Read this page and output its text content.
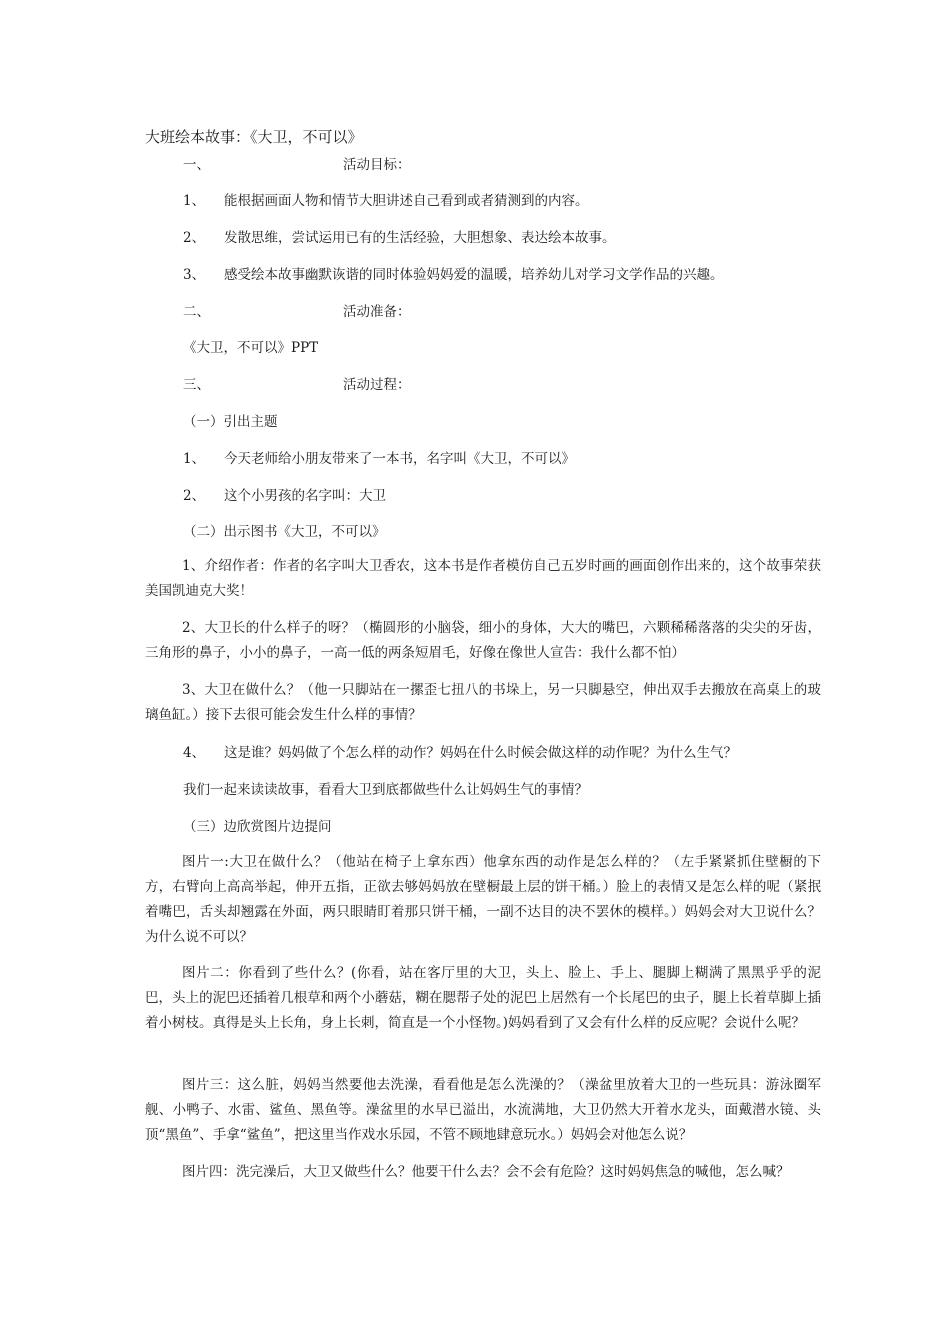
大班绘本故事：《大卫，不可以》
一、	活动目标：
1、 能根据画面人物和情节大胆讲述自己看到或者猜测到的内容。
2、 发散思维，尝试运用已有的生活经验，大胆想象、表达绘本故事。
3、 感受绘本故事幽默诙谐的同时体验妈妈爱的温暖，培养幼儿对学习文学作品的兴趣。
二、	活动准备：
《大卫，不可以》PPT
三、	活动过程：
（一）引出主题
1、 今天老师给小朋友带来了一本书，名字叫《大卫，不可以》
2、 这个小男孩的名字叫：大卫
（二）出示图书《大卫，不可以》
1、介绍作者：作者的名字叫大卫香农，这本书是作者模仿自己五岁时画的画面创作出来的，这个故事荣获美国凯迪克大奖！
2、大卫长的什么样子的呀？（椭圆形的小脑袋，细小的身体，大大的嘴巴，六颗稀稀落落的尖尖的牙齿，三角形的鼻子，小小的鼻子，一高一低的两条短眉毛，好像在像世人宣告：我什么都不怕）
3、大卫在做什么？（他一只脚站在一摞歪七扭八的书垛上，另一只脚悬空，伸出双手去搬放在高桌上的玻璃鱼缸。）接下去很可能会发生什么样的事情？
4、 这是谁？妈妈做了个怎么样的动作？妈妈在什么时候会做这样的动作呢？为什么生气？
我们一起来读读故事，看看大卫到底都做些什么让妈妈生气的事情？
（三）边欣赏图片边提问
图片一:大卫在做什么？（他站在椅子上拿东西）他拿东西的动作是怎么样的？（左手紧紧抓住壁橱的下方，右臂向上高高举起，伸开五指，正欲去够妈妈放在壁橱最上层的饼干桶。）脸上的表情又是怎么样的呢（紧抿着嘴巴，舌头却翘露在外面，两只眼睛盯着那只饼干桶，一副不达目的决不罢休的模样。）妈妈会对大卫说什么？为什么说不可以？
图片二：你看到了些什么？(你看，站在客厅里的大卫，头上、脸上、手上、腿脚上糊满了黑黑乎乎的泥巴，头上的泥巴还插着几根草和两个小蘑菇，糊在腮帮子处的泥巴上居然有一个长尾巴的虫子，腿上长着草脚上插着小树枝。真得是头上长角，身上长刺，简直是一个小怪物。)妈妈看到了又会有什么样的反应呢？会说什么呢？
图片三：这么脏，妈妈当然要他去洗澡，看看他是怎么洗澡的？（澡盆里放着大卫的一些玩具：游泳圈军舰、小鸭子、水雷、鲨鱼、黑鱼等。澡盆里的水早已溢出，水流满地，大卫仍然大开着水龙头，面戴潜水镜、头顶“黑鱼”、手拿“鲨鱼”，把这里当作戏水乐园，不管不顾地肆意玩水。）妈妈会对他怎么说？
图片四：洗完澡后，大卫又做些什么？他要干什么去？会不会有危险？这时妈妈焦急的喊他，怎么喊？
